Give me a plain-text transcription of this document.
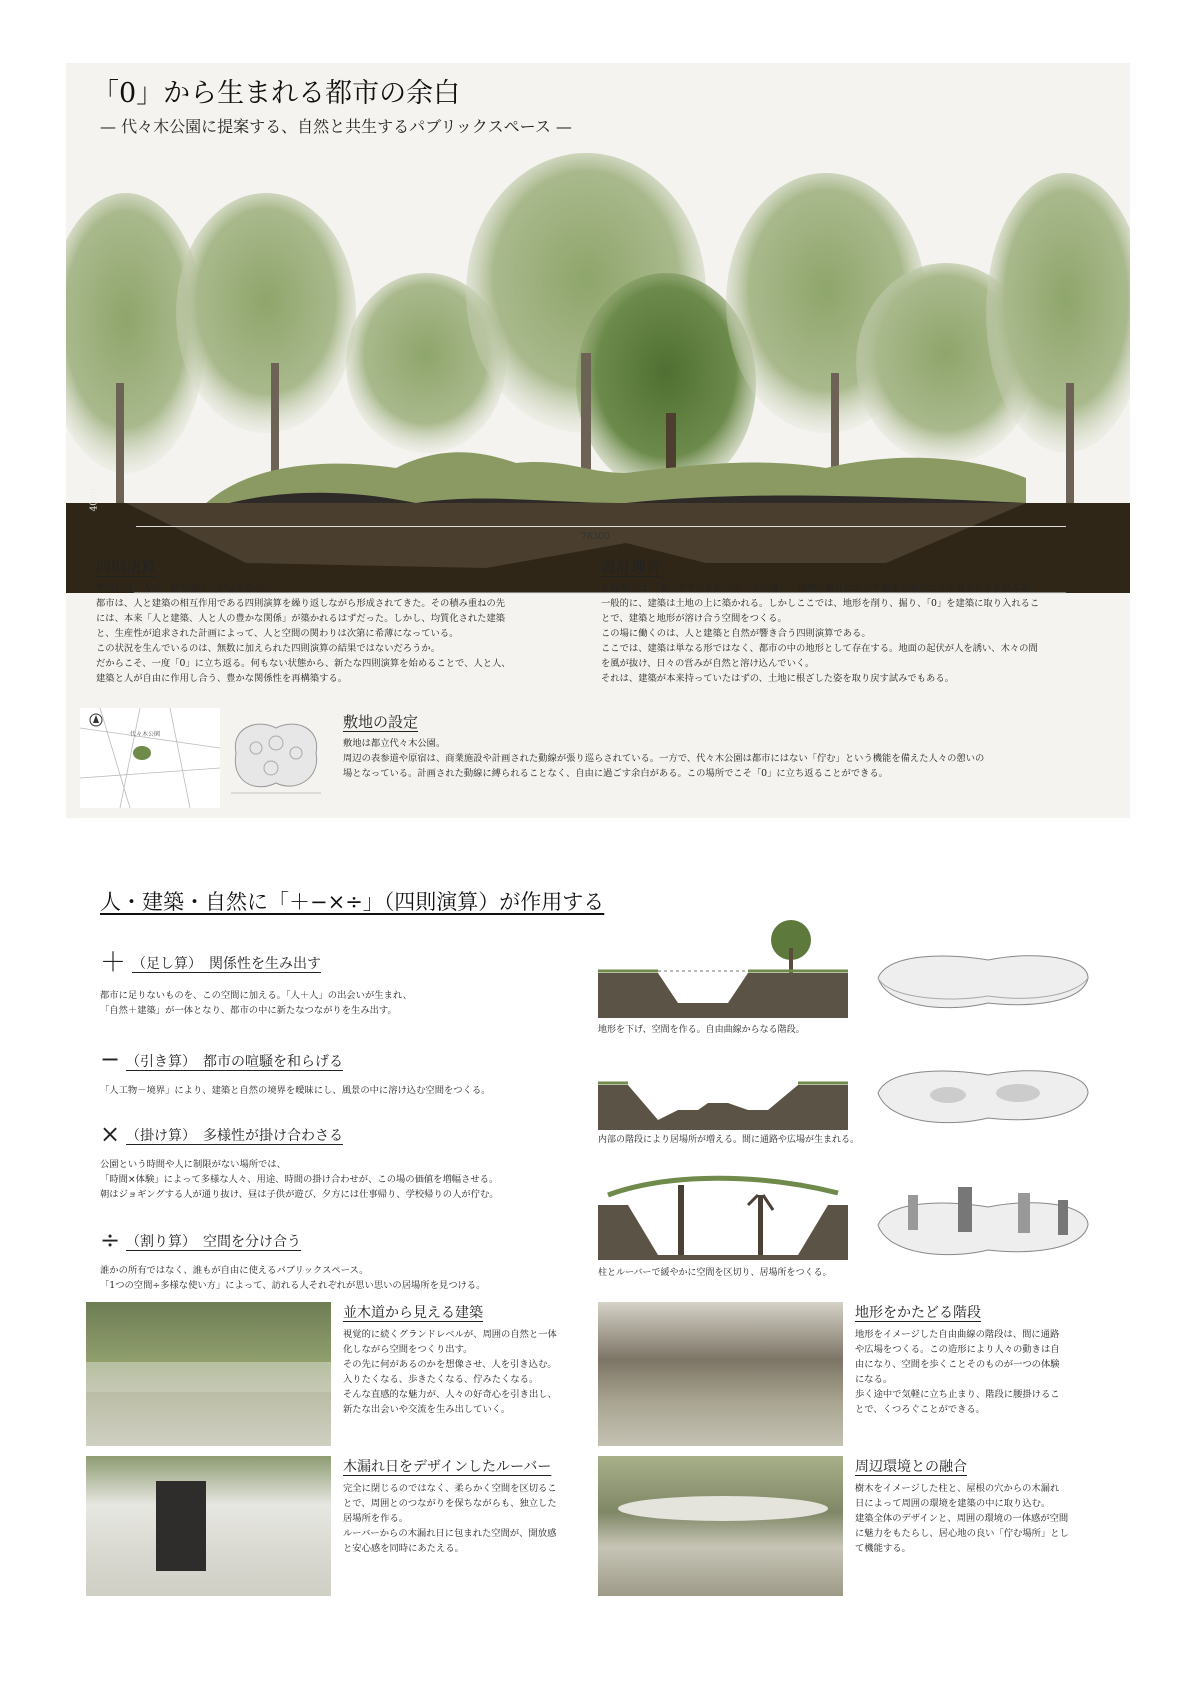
「0」から生まれる都市の余白
— 代々木公園に提案する、自然と共生するパブリックスペース —
4000
78300
四則演算
都市には、人が「佇む場所」が足りない。
都市は、人と建築の相互作用である四則演算を繰り返しながら形成されてきた。その積み重ねの先
には、本来「人と建築、人と人の豊かな関係」が築かれるはずだった。しかし、均質化された建築
と、生産性が追求された計画によって、人と空間の関わりは次第に希薄になっている。
この状況を生んでいるのは、無数に加えられた四則演算の結果ではないだろうか。
だからこそ、一度「0」に立ち返る。何もない状態から、新たな四則演算を始めることで、人と人、
建築と人が自由に作用し合う、豊かな関係性を再構築する。
設計趣旨
本提案では、「0＝グランドレベル」と定義し、地形の操作によって建築の原点に立ち返ることを試みる。
一般的に、建築は土地の上に築かれる。しかしここでは、地形を削り、掘り、「0」を建築に取り入れるこ
とで、建築と地形が溶け合う空間をつくる。
この場に働くのは、人と建築と自然が響き合う四則演算である。
ここでは、建築は単なる形ではなく、都市の中の地形として存在する。地面の起伏が人を誘い、木々の間
を風が抜け、日々の営みが自然と溶け込んでいく。
それは、建築が本来持っていたはずの、土地に根ざした姿を取り戻す試みでもある。
代々木公園
敷地の設定
敷地は都立代々木公園。
周辺の表参道や原宿は、商業施設や計画された動線が張り巡らされている。一方で、代々木公園は都市にはない「佇む」という機能を備えた人々の憩いの
場となっている。計画された動線に縛られることなく、自由に過ごす余白がある。この場所でこそ「0」に立ち返ることができる。
人・建築・自然に「＋−×÷」（四則演算）が作用する
＋ （足し算）　関係性を生み出す
都市に足りないものを、この空間に加える。「人＋人」の出会いが生まれ、
「自然＋建築」が一体となり、都市の中に新たなつながりを生み出す。
− （引き算）　都市の喧騒を和らげる
「人工物－境界」により、建築と自然の境界を曖昧にし、風景の中に溶け込む空間をつくる。
× （掛け算）　多様性が掛け合わさる
公園という時間や人に制限がない場所では、
「時間×体験」によって多様な人々、用途、時間の掛け合わせが、この場の価値を増幅させる。
朝はジョギングする人が通り抜け、昼は子供が遊び、夕方には仕事帰り、学校帰りの人が佇む。
÷ （割り算）　空間を分け合う
誰かの所有ではなく、誰もが自由に使えるパブリックスペース。
「1つの空間÷多様な使い方」によって、訪れる人それぞれが思い思いの居場所を見つける。
地形を下げ、空間を作る。自由曲線からなる階段。
内部の階段により居場所が増える。間に通路や広場が生まれる。
柱とルーバーで緩やかに空間を区切り、居場所をつくる。
並木道から見える建築
視覚的に続くグランドレベルが、周囲の自然と一体
化しながら空間をつくり出す。
その先に何があるのかを想像させ、人を引き込む。
入りたくなる、歩きたくなる、佇みたくなる。
そんな直感的な魅力が、人々の好奇心を引き出し、
新たな出会いや交流を生み出していく。
地形をかたどる階段
地形をイメージした自由曲線の階段は、間に通路
や広場をつくる。この造形により人々の動きは自
由になり、空間を歩くことそのものが一つの体験
になる。
歩く途中で気軽に立ち止まり、階段に腰掛けるこ
とで、くつろぐことができる。
木漏れ日をデザインしたルーバー
完全に閉じるのではなく、柔らかく空間を区切るこ
とで、周囲とのつながりを保ちながらも、独立した
居場所を作る。
ルーバーからの木漏れ日に包まれた空間が、開放感
と安心感を同時にあたえる。
周辺環境との融合
樹木をイメージした柱と、屋根の穴からの木漏れ
日によって周囲の環境を建築の中に取り込む。
建築全体のデザインと、周囲の環境の一体感が空間
に魅力をもたらし、居心地の良い「佇む場所」とし
て機能する。
